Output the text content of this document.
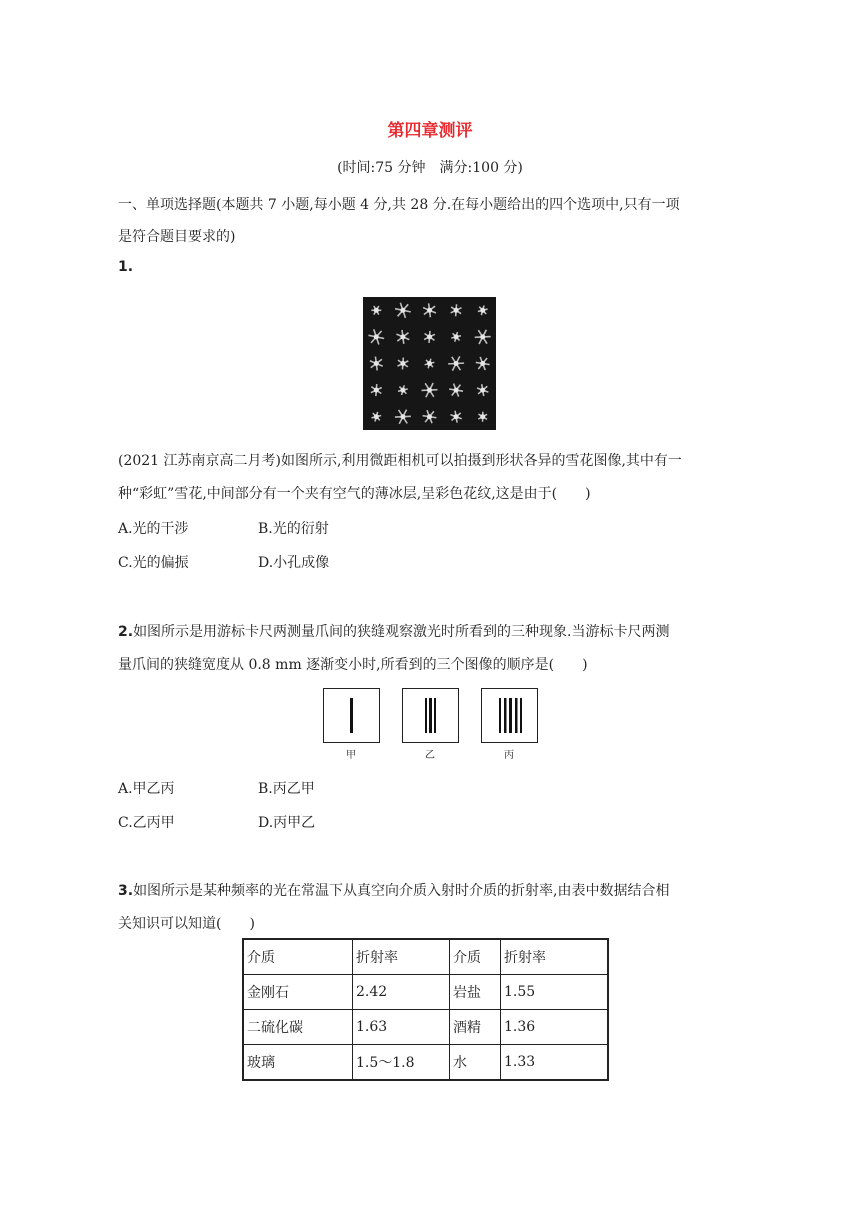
第四章测评
(时间:75 分钟　满分:100 分)
一、单项选择题(本题共 7 小题,每小题 4 分,共 28 分.在每小题给出的四个选项中,只有一项
是符合题目要求的)
1.
(2021 江苏南京高二月考)如图所示,利用微距相机可以拍摄到形状各异的雪花图像,其中有一
种“彩虹”雪花,中间部分有一个夹有空气的薄冰层,呈彩色花纹,这是由于(　　)
A.光的干涉	B.光的衍射
C.光的偏振	D.小孔成像
2.如图所示是用游标卡尺两测量爪间的狭缝观察激光时所看到的三种现象.当游标卡尺两测
量爪间的狭缝宽度从 0.8 mm 逐渐变小时,所看到的三个图像的顺序是(　　)
甲	乙	丙
A.甲乙丙	B.丙乙甲
C.乙丙甲	D.丙甲乙
3.如图所示是某种频率的光在常温下从真空向介质入射时介质的折射率,由表中数据结合相
关知识可以知道(　　)
介质	折射率	介质	折射率
金刚石	2.42	岩盐	1.55
二硫化碳	1.63	酒精	1.36
玻璃	1.5〜1.8	水	1.33
